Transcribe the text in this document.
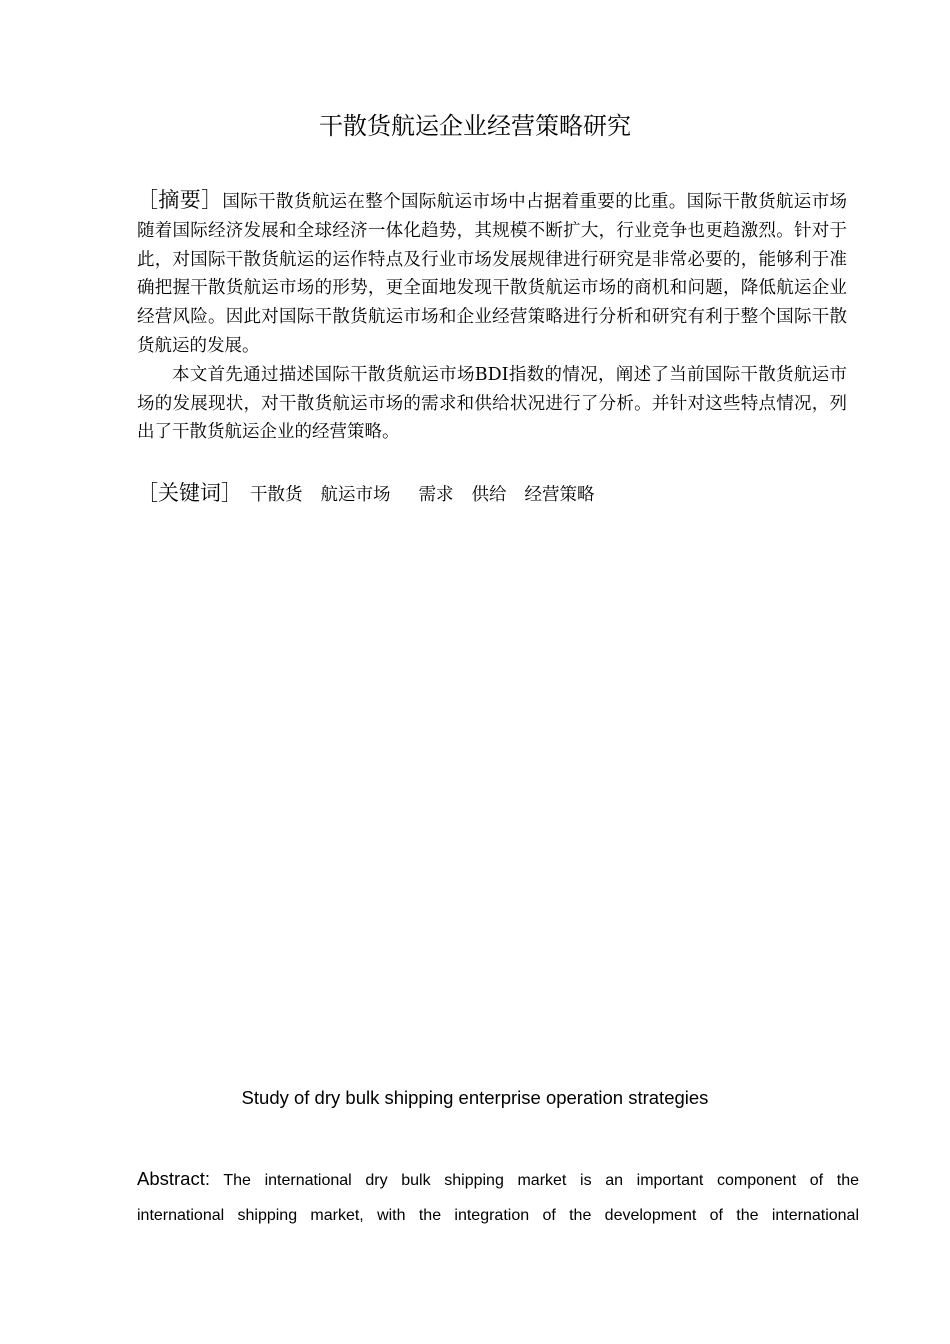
干散货航运企业经营策略研究

［摘要］国际干散货航运在整个国际航运市场中占据着重要的比重。国际干散货航运市场随着国际经济发展和全球经济一体化趋势，其规模不断扩大，行业竞争也更趋激烈。针对于此，对国际干散货航运的运作特点及行业市场发展规律进行研究是非常必要的，能够利于准确把握干散货航运市场的形势，更全面地发现干散货航运市场的商机和问题，降低航运企业经营风险。因此对国际干散货航运市场和企业经营策略进行分析和研究有利于整个国际干散货航运的发展。

本文首先通过描述国际干散货航运市场BDI指数的情况，阐述了当前国际干散货航运市场的发展现状，对干散货航运市场的需求和供给状况进行了分析。并针对这些特点情况，列出了干散货航运企业的经营策略。

［关键词］ 干散货 航运市场 需求 供给 经营策略
Study of dry bulk shipping enterprise operation strategies
Abstract: The international dry bulk shipping market is an important component of the
international shipping market, with the integration of the development of the international
